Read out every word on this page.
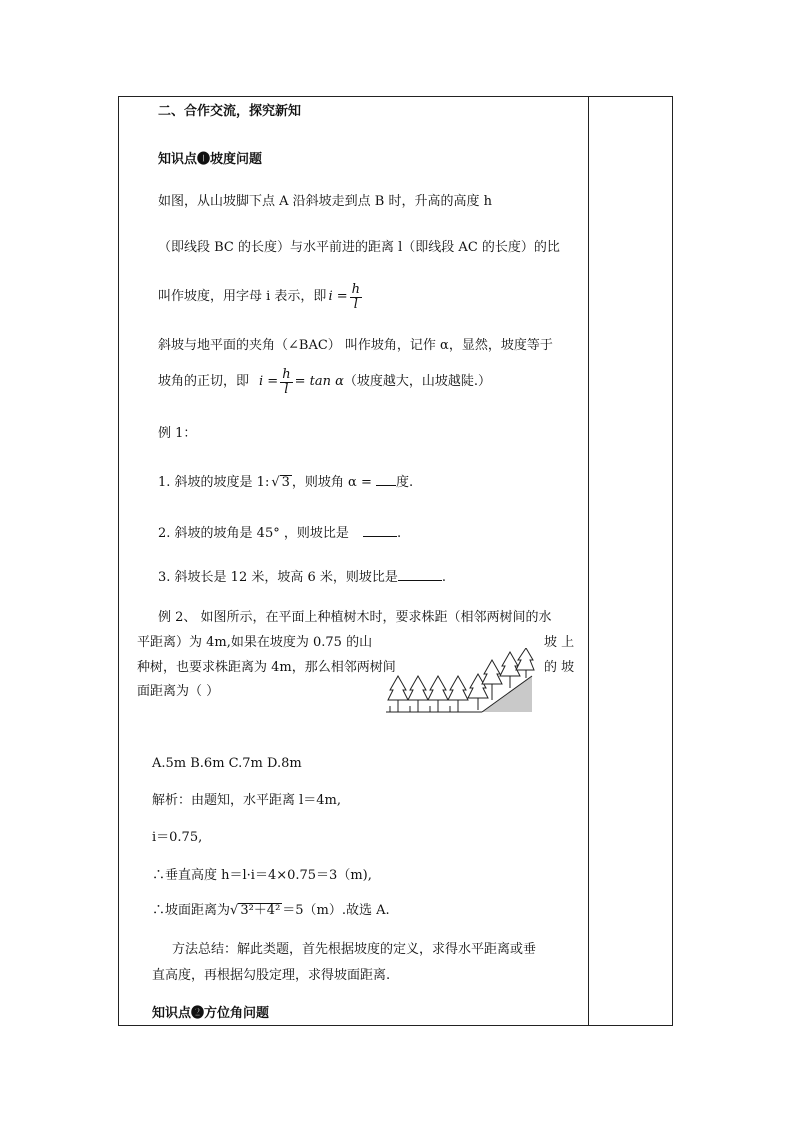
二、合作交流，探究新知
知识点❶坡度问题
如图，从山坡脚下点 A 沿斜坡走到点 B 时，升高的高度 h
（即线段 BC 的长度）与水平前进的距离 l（即线段 AC 的长度）的比
叫作坡度，用字母 i 表示，即 $i = \frac{h}{l}$
斜坡与地平面的夹角（∠BAC） 叫作坡角，记作 α，显然，坡度等于
坡角的正切，即 $i = \frac{h}{l} = \tan \alpha$ （坡度越大，山坡越陡.）
例 1：
1. 斜坡的坡度是 1: √ 3 ，则坡角 α = 度.
2. 斜坡的坡角是 45° ，则坡比是	.
3. 斜坡长是 12 米，坡高 6 米，则坡比是	.
例 2、 如图所示，在平面上种植树木时，要求株距（相邻两树间的水
平距离）为 4m,如果在坡度为 0.75 的山	坡 上
种树，也要求株距离为 4m，那么相邻两树间	的 坡
面距离为（ ）
A.5m B.6m C.7m D.8m
解析：由题知，水平距离 l＝4m,
i＝0.75,
∴垂直高度 h＝l·i＝4×0.75＝3（m),
∴坡面距离为√ 3²＋4² ＝5（m）.故选 A.
方法总结：解此类题，首先根据坡度的定义，求得水平距离或垂
直高度，再根据勾股定理，求得坡面距离.
知识点❷方位角问题
